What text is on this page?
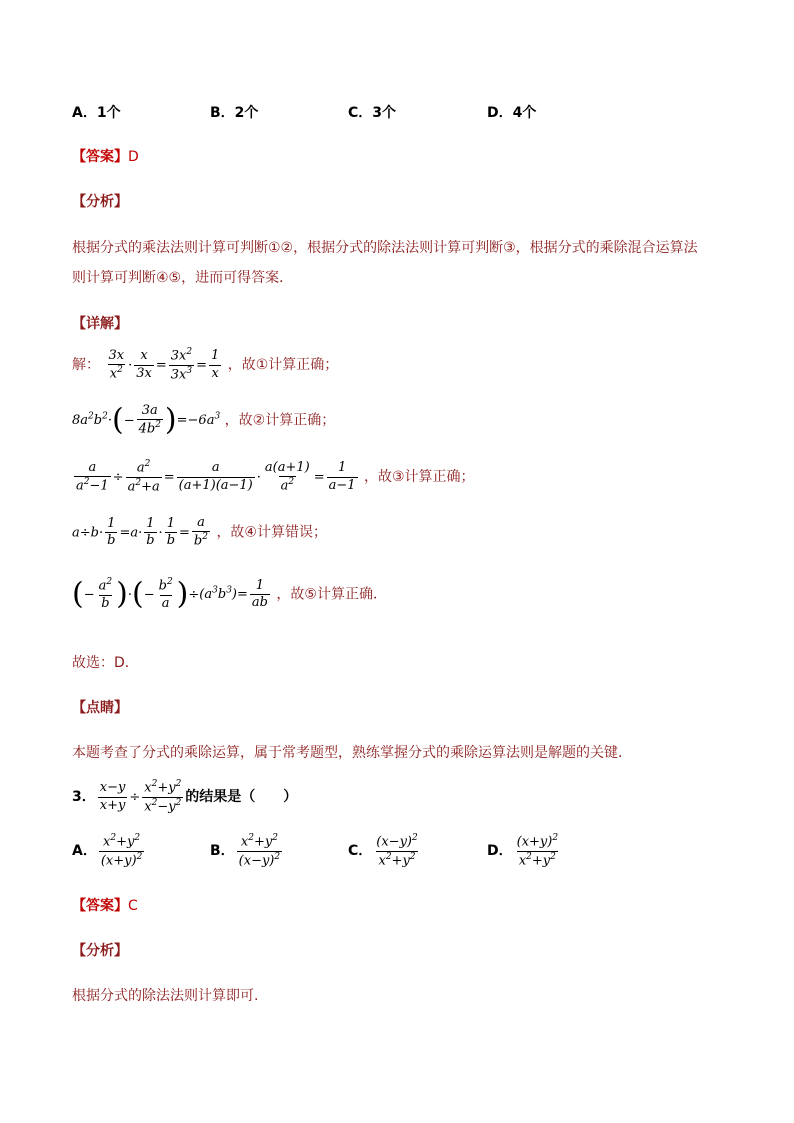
A．1个	B．2个	C．3个	D．4个
【答案】D
【分析】
根据分式的乘法法则计算可判断①②，根据分式的除法法则计算可判断③，根据分式的乘除混合运算法
则计算可判断④⑤，进而可得答案．
【详解】
解： $\frac{3x}{x^2} \cdot \frac{x}{3x} = \frac{3x^2}{3x^3} = \frac{1}{x}$ ，故①计算正确；
$8a^2b^2\cdot(- \frac{3a}{4b^2} )=-6a^3$ ，故②计算正确；
$\frac{a}{a^2-1} \div \frac{a^2}{a^2+a} = \frac{a}{(a+1)(a-1)} \cdot \frac{a(a+1)}{a^2} = \frac{1}{a-1}$ ，故③计算正确；
$a\div b\cdot \frac{1}{b} =a\cdot \frac{1}{b} \cdot \frac{1}{b} = \frac{a}{b^2}$ ，故④计算错误；
(− $\frac{a^2}{b}$ )·(− $\frac{b^2}{a} )\div(a^3b^3)= \frac{1}{ab}$ ，故⑤计算正确．
故选：D．
【点睛】
本题考查了分式的乘除运算，属于常考题型，熟练掌握分式的乘除运算法则是解题的关键．
3． $\frac{x-y}{x+y} \div \frac{x^2+y^2}{x^2-y^2}$ 的结果是（　　）
A． $\frac{x^2+y^2}{(x+y)^2}$	B． $\frac{x^2+y^2}{(x-y)^2}$	C． $\frac{(x-y)^2}{x^2+y^2}$	D． $\frac{(x+y)^2}{x^2+y^2}$
【答案】C
【分析】
根据分式的除法法则计算即可.
